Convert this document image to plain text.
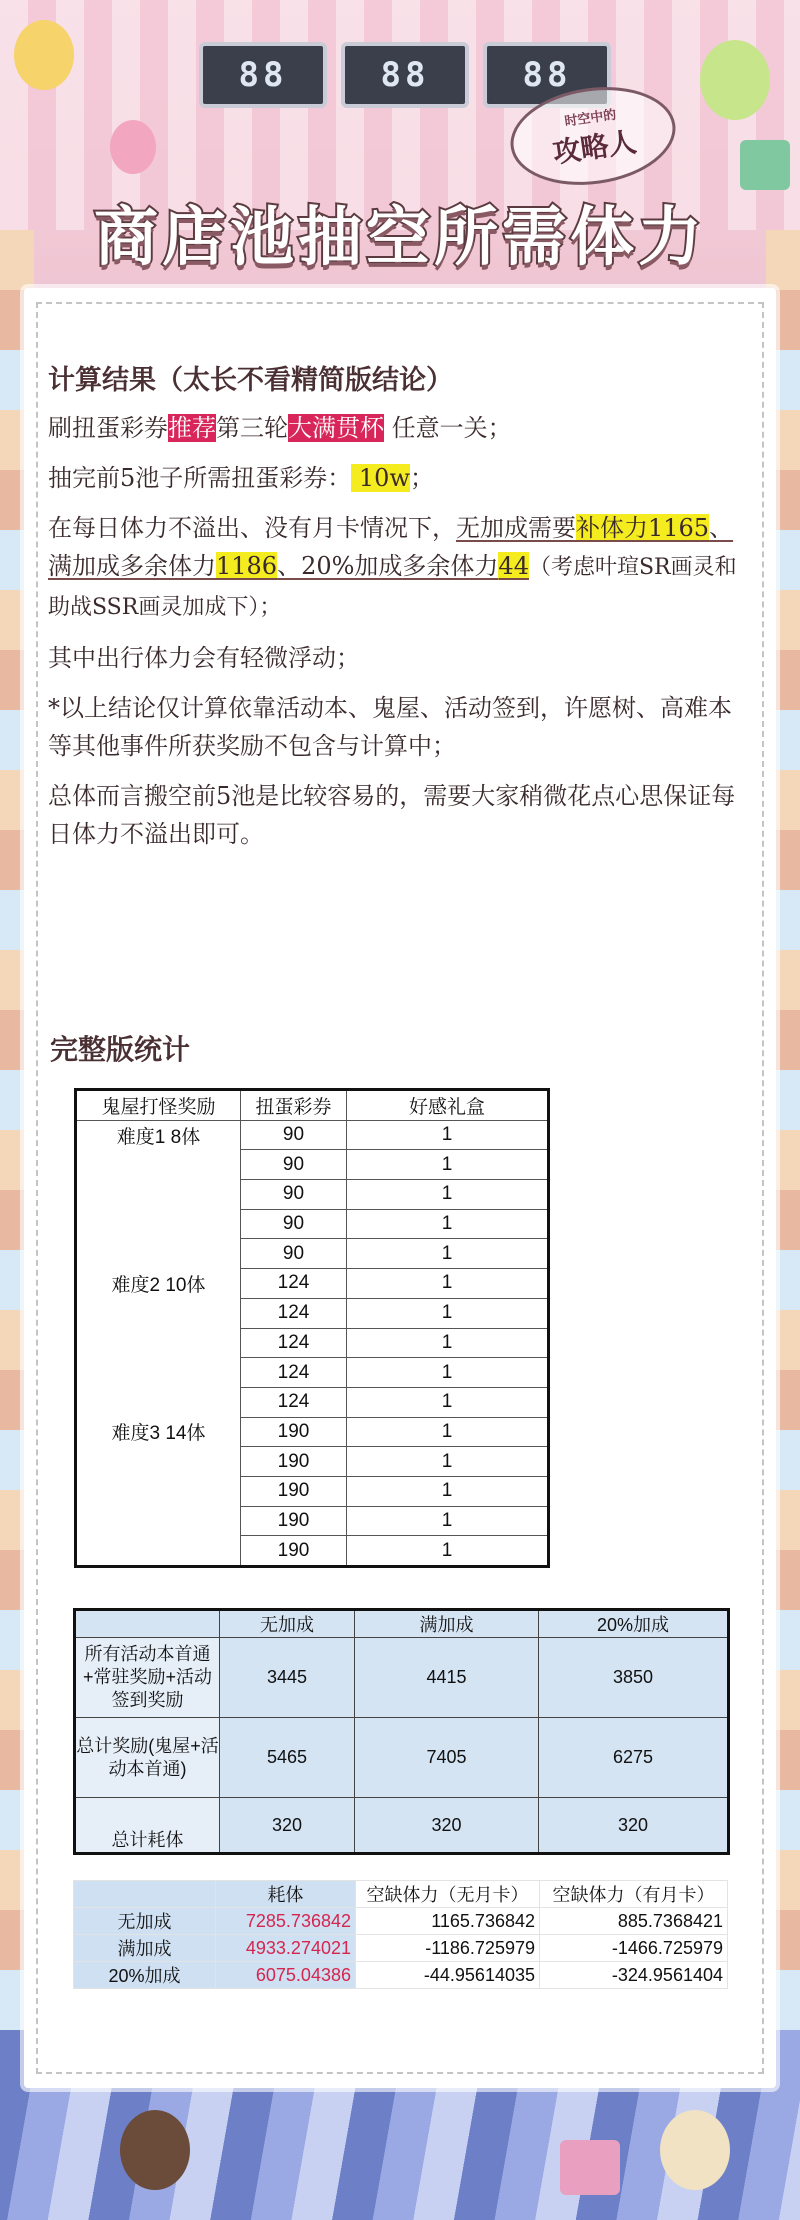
88	88	88
时空中的
攻略人
商店池抽空所需体力
计算结果（太长不看精简版结论）

刷扭蛋彩券推荐第三轮大满贯杯 任意一关；

抽完前5池子所需扭蛋彩券： 10w；

在每日体力不溢出、没有月卡情况下，无加成需要补体力1165、满加成多余体力1186、20%加成多余体力44（考虑叶瑄SR画灵和助战SSR画灵加成下）；

其中出行体力会有轻微浮动；

*以上结论仅计算依靠活动本、鬼屋、活动签到，许愿树、高难本等其他事件所获奖励不包含与计算中；

总体而言搬空前5池是比较容易的，需要大家稍微花点心思保证每日体力不溢出即可。

完整版统计
鬼屋打怪奖励	扭蛋彩券	好感礼盒
难度1 8体	90	1
	90	1
	90	1
	90	1
	90	1
难度2 10体	124	1
	124	1
	124	1
	124	1
	124	1
难度3 14体	190	1
	190	1
	190	1
	190	1
	190	1
	无加成	满加成	20%加成
所有活动本首通+常驻奖励+活动签到奖励	3445	4415	3850
总计奖励(鬼屋+活动本首通)	5465	7405	6275
总计耗体	320	320	320
	耗体	空缺体力（无月卡）	空缺体力（有月卡）
无加成	7285.736842	1165.736842	885.7368421
满加成	4933.274021	-1186.725979	-1466.725979
20%加成	6075.04386	-44.95614035	-324.9561404
